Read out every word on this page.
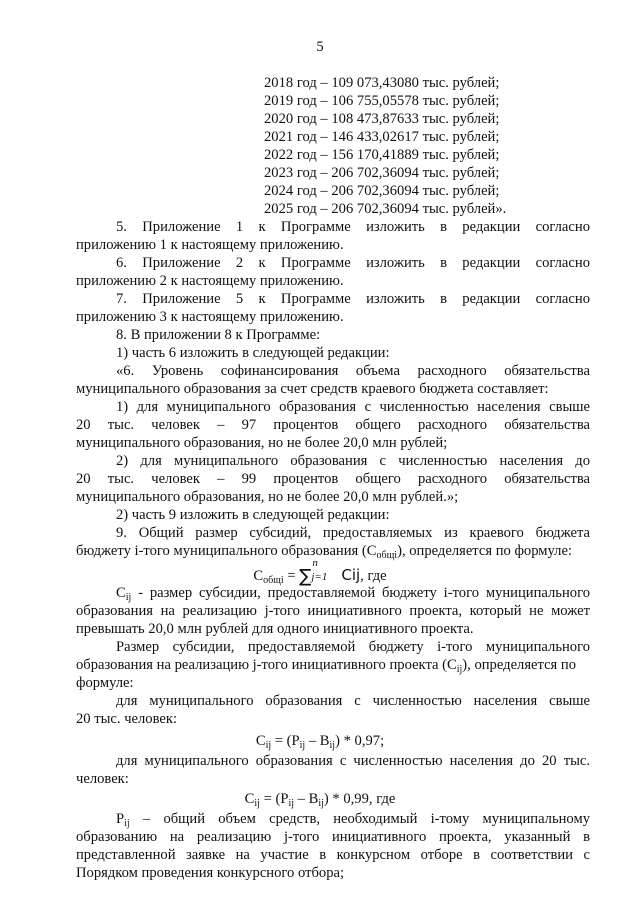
5
2018 год – 109 073,43080 тыс. рублей;
2019 год – 106 755,05578 тыс. рублей;
2020 год – 108 473,87633 тыс. рублей;
2021 год – 146 433,02617 тыс. рублей;
2022 год – 156 170,41889 тыс. рублей;
2023 год – 206 702,36094 тыс. рублей;
2024 год – 206 702,36094 тыс. рублей;
2025 год – 206 702,36094 тыс. рублей».
5. Приложение 1 к Программе изложить в редакции согласно
приложению 1 к настоящему приложению.
6. Приложение 2 к Программе изложить в редакции согласно
приложению 2 к настоящему приложению.
7. Приложение 5 к Программе изложить в редакции согласно
приложению 3 к настоящему приложению.
8. В приложении 8 к Программе:
1) часть 6 изложить в следующей редакции:
«6. Уровень софинансирования объема расходного обязательства
муниципального образования за счет средств краевого бюджета составляет:
1) для муниципального образования с численностью населения свыше
20 тыс. человек – 97 процентов общего расходного обязательства
муниципального образования, но не более 20,0 млн рублей;
2) для муниципального образования с численностью населения до
20 тыс. человек – 99 процентов общего расходного обязательства
муниципального образования, но не более 20,0 млн рублей.»;
2) часть 9 изложить в следующей редакции:
9. Общий размер субсидий, предоставляемых из краевого бюджета
бюджету i-того муниципального образования $(С_{общi})$, определяется по формуле:
$С_{общi}$ = ∑
n
j=1 Cij, где
$C_{ij}$ - размер субсидии, предоставляемой бюджету i-того муниципального
образования на реализацию j-того инициативного проекта, который не может
превышать 20,0 млн рублей для одного инициативного проекта.
Размер субсидии, предоставляемой бюджету i-того муниципального
образования на реализацию j-того инициативного проекта $(C_{ij})$, определяется по
формуле:
для муниципального образования с численностью населения свыше
20 тыс. человек:
$C_{ij} = (P_{ij} - B_{ij}) * 0,97$;
для муниципального образования с численностью населения до 20 тыс.
человек:
$C_{ij} = (P_{ij} - B_{ij}) * 0,99$, где
$P_{ij}$ – общий объем средств, необходимый i-тому муниципальному
образованию на реализацию j-того инициативного проекта, указанный в
представленной заявке на участие в конкурсном отборе в соответствии с
Порядком проведения конкурсного отбора;
